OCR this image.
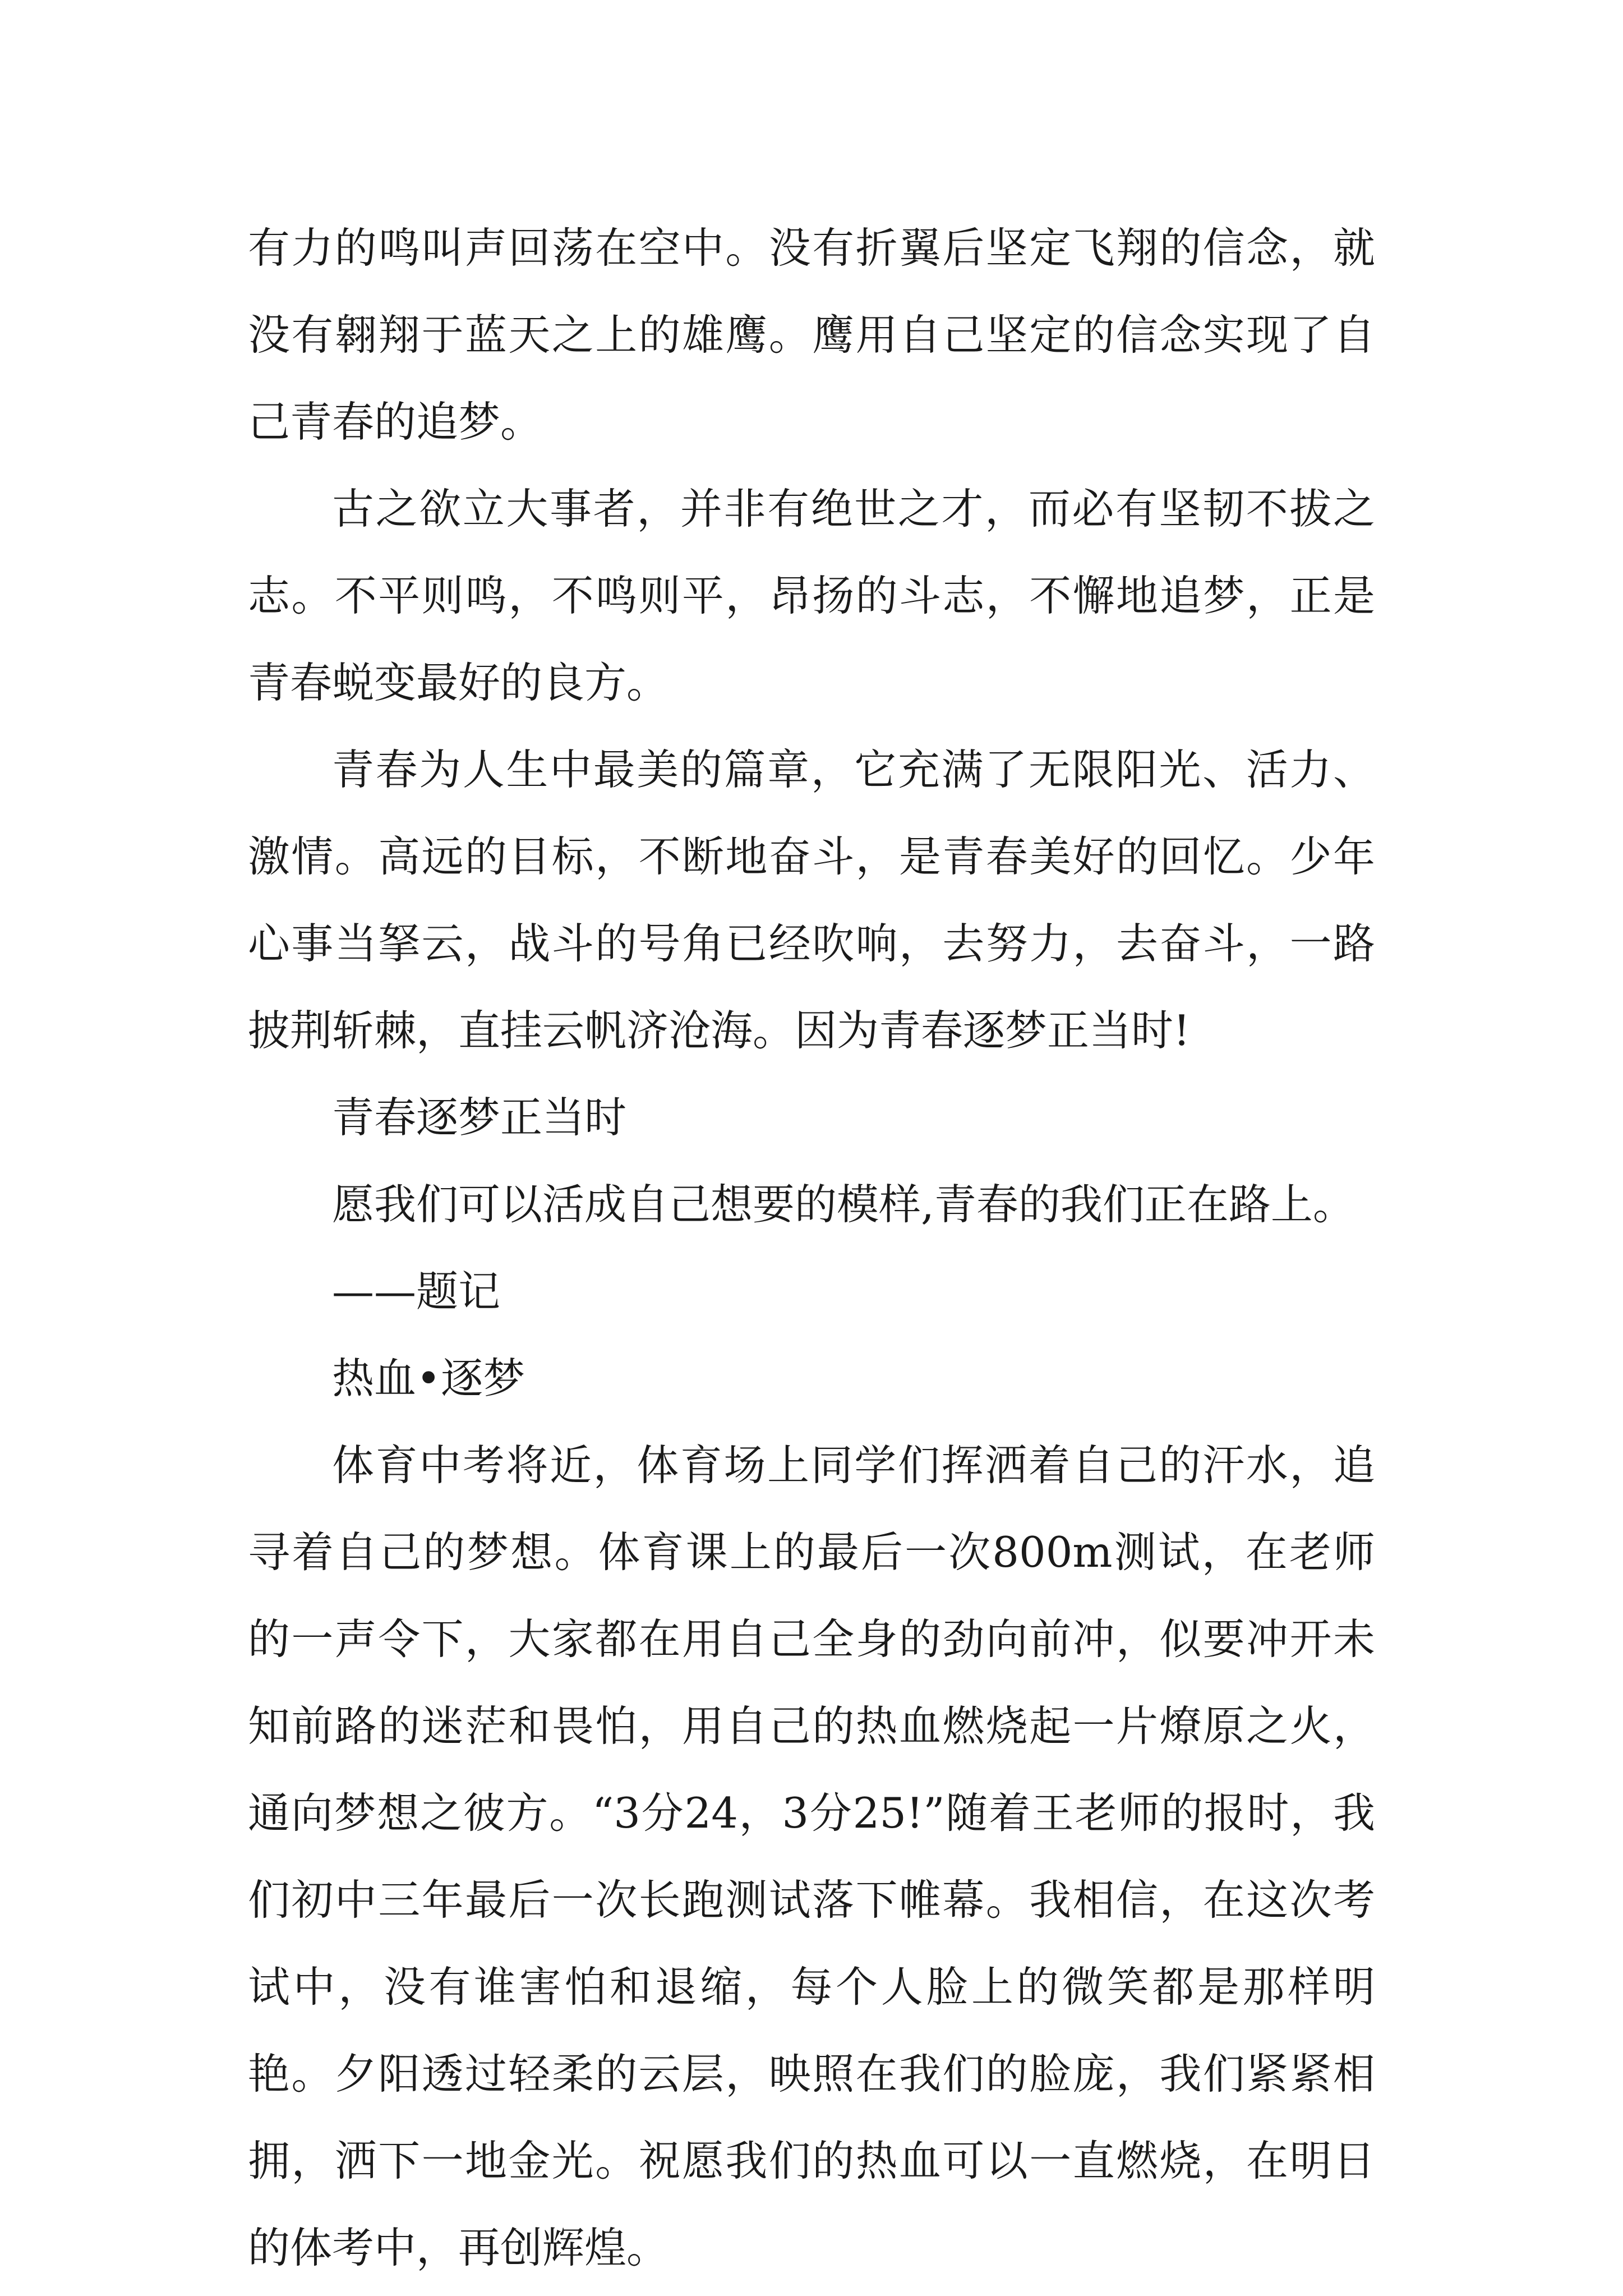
有力的鸣叫声回荡在空中。没有折翼后坚定飞翔的信念，就没有翱翔于蓝天之上的雄鹰。鹰用自己坚定的信念实现了自己青春的追梦。

古之欲立大事者，并非有绝世之才，而必有坚韧不拔之志。不平则鸣，不鸣则平，昂扬的斗志，不懈地追梦，正是青春蜕变最好的良方。

青春为人生中最美的篇章，它充满了无限阳光、活力、激情。高远的目标，不断地奋斗，是青春美好的回忆。少年心事当拏云，战斗的号角已经吹响，去努力，去奋斗，一路披荆斩棘，直挂云帆济沧海。因为青春逐梦正当时!

青春逐梦正当时

愿我们可以活成自己想要的模样,青春的我们正在路上。

——题记

热血•逐梦

体育中考将近，体育场上同学们挥洒着自己的汗水，追寻着自己的梦想。体育课上的最后一次800m测试，在老师的一声令下，大家都在用自己全身的劲向前冲，似要冲开未知前路的迷茫和畏怕，用自己的热血燃烧起一片燎原之火，通向梦想之彼方。“3分24，3分25!”随着王老师的报时，我们初中三年最后一次长跑测试落下帷幕。我相信，在这次考试中，没有谁害怕和退缩，每个人脸上的微笑都是那样明艳。夕阳透过轻柔的云层，映照在我们的脸庞，我们紧紧相拥，洒下一地金光。祝愿我们的热血可以一直燃烧，在明日的体考中，再创辉煌。
